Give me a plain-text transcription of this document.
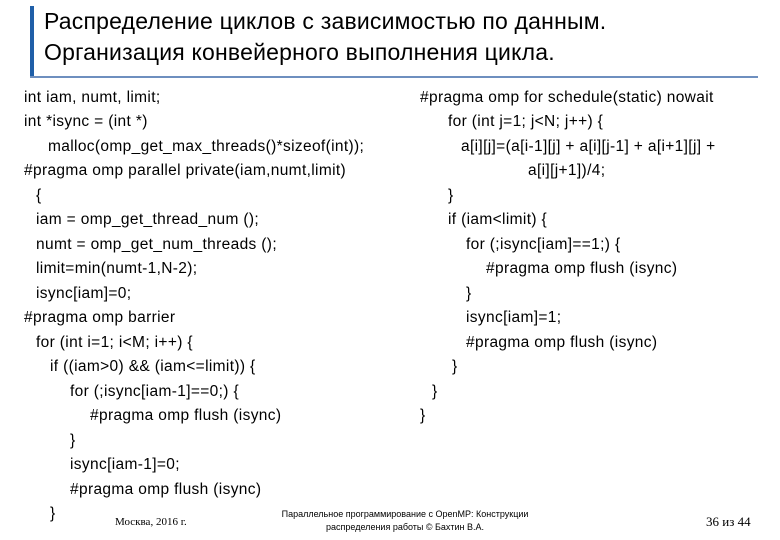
Распределение циклов с зависимостью по данным.
Организация конвейерного выполнения цикла.
int iam, numt, limit;
int *isync = (int *)
malloc(omp_get_max_threads()*sizeof(int));
#pragma omp parallel private(iam,numt,limit)
{
iam = omp_get_thread_num ();
numt = omp_get_num_threads ();
limit=min(numt-1,N-2);
isync[iam]=0;
#pragma omp barrier
for (int i=1; i<M; i++) {
if ((iam>0) && (iam<=limit)) {
for (;isync[iam-1]==0;) {
#pragma omp flush (isync)
}
isync[iam-1]=0;
#pragma omp flush (isync)
}
#pragma omp for schedule(static) nowait
for (int j=1; j<N; j++) {
a[i][j]=(a[i-1][j] + a[i][j-1] + a[i+1][j] +
a[i][j+1])/4;
}
if (iam<limit) {
for (;isync[iam]==1;) {
#pragma omp flush (isync)
}
isync[iam]=1;
#pragma omp flush (isync)
}
}
}
Москва, 2016 г.
Параллельное программирование с OpenMP: Конструкции
распределения работы © Бахтин В.А.	36 из 44
